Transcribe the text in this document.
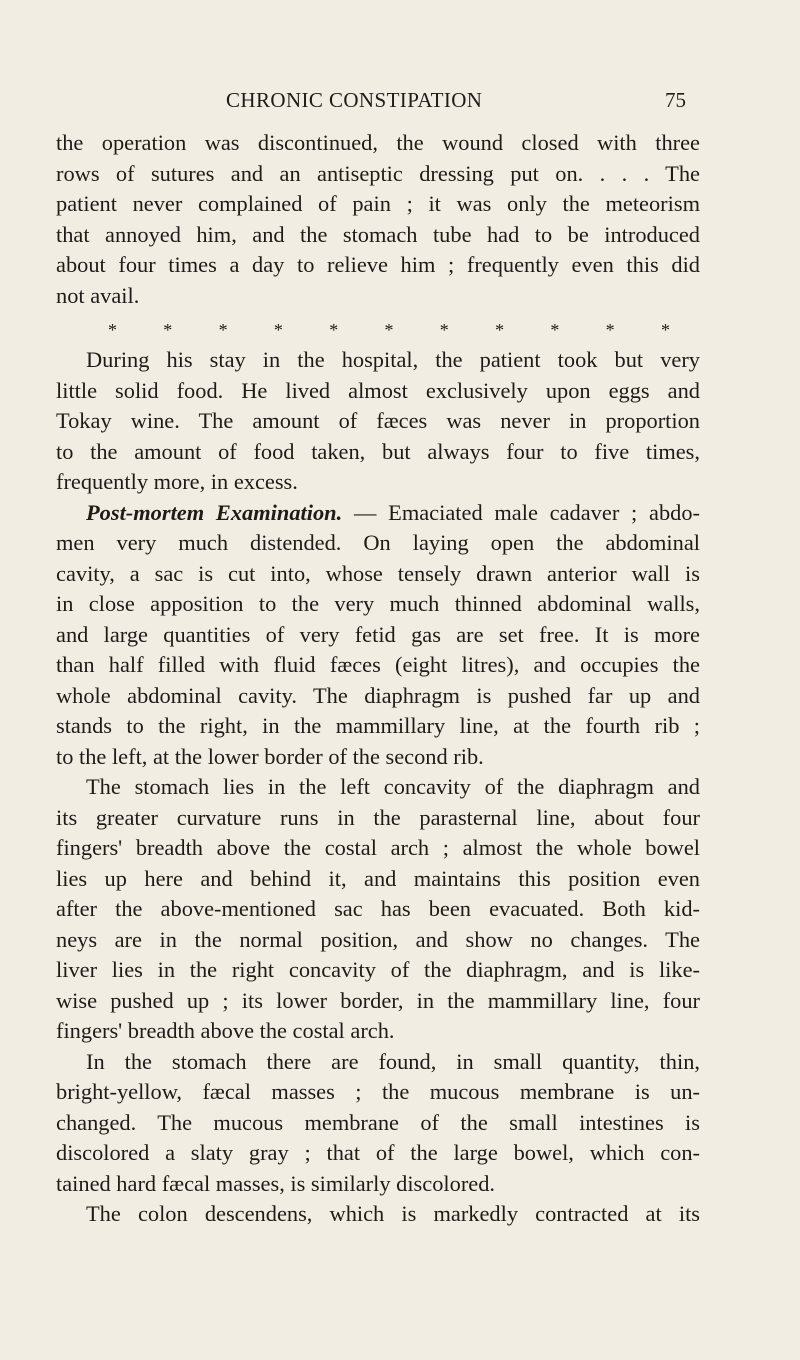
CHRONIC CONSTIPATION	75
the operation was discontinued, the wound closed with three
rows of sutures and an antiseptic dressing put on. . . . The
patient never complained of pain ; it was only the meteorism
that annoyed him, and the stomach tube had to be introduced
about four times a day to relieve him ; frequently even this did
not avail.
*	*	*	*	*	*	*	*	*	*	*
During his stay in the hospital, the patient took but very
little solid food. He lived almost exclusively upon eggs and
Tokay wine. The amount of fæces was never in proportion
to the amount of food taken, but always four to five times,
frequently more, in excess.
Post-mortem Examination. — Emaciated male cadaver ; abdo-
men very much distended. On laying open the abdominal
cavity, a sac is cut into, whose tensely drawn anterior wall is
in close apposition to the very much thinned abdominal walls,
and large quantities of very fetid gas are set free. It is more
than half filled with fluid fæces (eight litres), and occupies the
whole abdominal cavity. The diaphragm is pushed far up and
stands to the right, in the mammillary line, at the fourth rib ;
to the left, at the lower border of the second rib.
The stomach lies in the left concavity of the diaphragm and
its greater curvature runs in the parasternal line, about four
fingers' breadth above the costal arch ; almost the whole bowel
lies up here and behind it, and maintains this position even
after the above-mentioned sac has been evacuated. Both kid-
neys are in the normal position, and show no changes. The
liver lies in the right concavity of the diaphragm, and is like-
wise pushed up ; its lower border, in the mammillary line, four
fingers' breadth above the costal arch.
In the stomach there are found, in small quantity, thin,
bright-yellow, fæcal masses ; the mucous membrane is un-
changed. The mucous membrane of the small intestines is
discolored a slaty gray ; that of the large bowel, which con-
tained hard fæcal masses, is similarly discolored.
The colon descendens, which is markedly contracted at its
